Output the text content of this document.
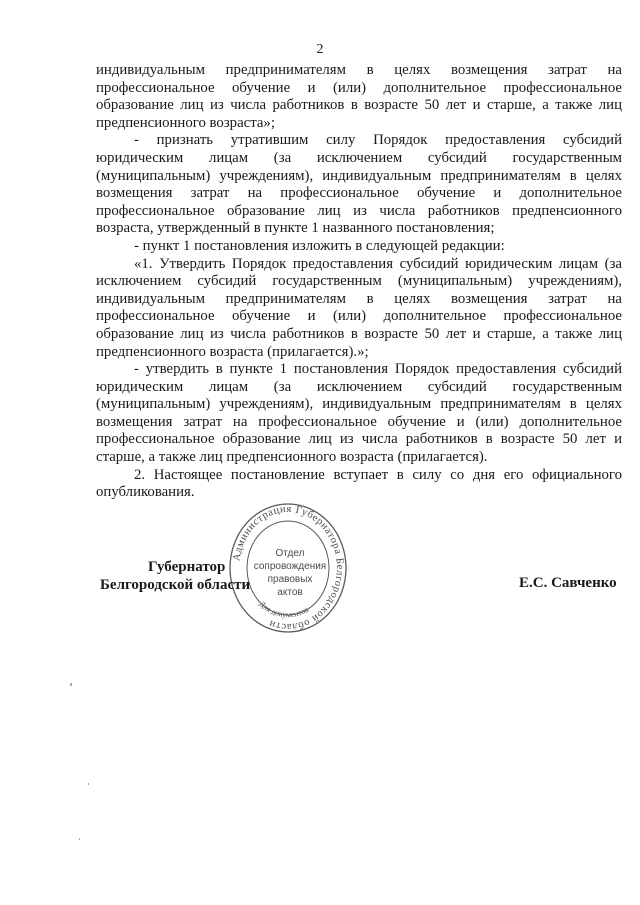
2

индивидуальным предпринимателям в целях возмещения затрат на профессиональное обучение и (или) дополнительное профессиональное образование лиц из числа работников в возрасте 50 лет и старше, а также лиц предпенсионного возраста»;

- признать утратившим силу Порядок предоставления субсидий юридическим лицам (за исключением субсидий государственным (муниципальным) учреждениям), индивидуальным предпринимателям в целях возмещения затрат на профессиональное обучение и дополнительное профессиональное образование лиц из числа работников предпенсионного возраста, утвержденный в пункте 1 названного постановления;

- пункт 1 постановления изложить в следующей редакции:

«1. Утвердить Порядок предоставления субсидий юридическим лицам (за исключением субсидий государственным (муниципальным) учреждениям), индивидуальным предпринимателям в целях возмещения затрат на профессиональное обучение и (или) дополнительное профессиональное образование лиц из числа работников в возрасте 50 лет и старше, а также лиц предпенсионного возраста (прилагается).»;

- утвердить в пункте 1 постановления Порядок предоставления субсидий юридическим лицам (за исключением субсидий государственным (муниципальным) учреждениям), индивидуальным предпринимателям в целях возмещения затрат на профессиональное обучение и (или) дополнительное профессиональное образование лиц из числа работников в возрасте 50 лет и старше, а также лиц предпенсионного возраста (прилагается).

2. Настоящее постановление вступает в силу со дня его официального опубликования.

Администрация Губернатора Белгородской области
Для документов
Отдел
сопровождения
правовых
актов
Губернатор
Белгородской области	Е.С. Савченко
